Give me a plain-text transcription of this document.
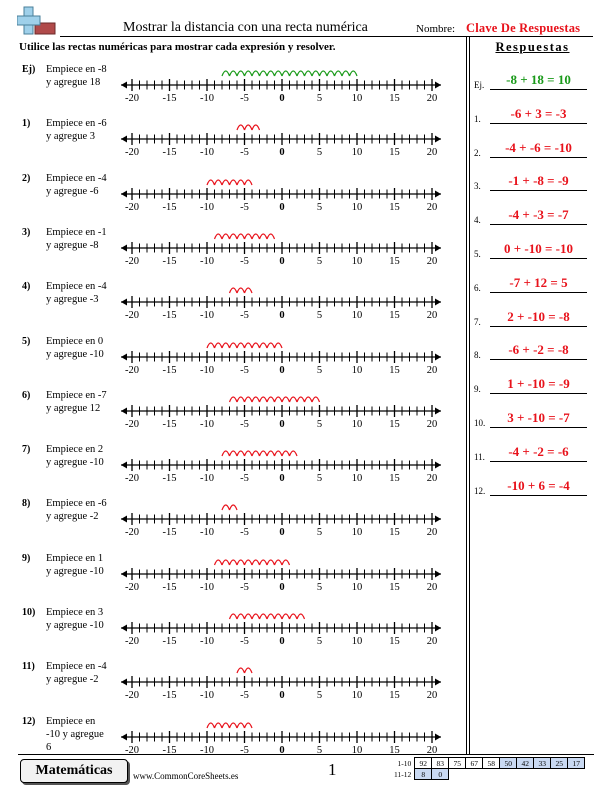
Mostrar la distancia con una recta numérica	Nombre: Clave De Respuestas
Utilice las rectas numéricas para mostrar cada expresión y resolver.	Respuestas
Ej) Empiece en -8
y agregue 18
-20 -15 -10 -5	0	5	10	15	20
1) Empiece en -6
y agregue 3
-20 -15 -10 -5	0	5	10	15	20
2) Empiece en -4
y agregue -6
-20 -15 -10 -5	0	5	10	15	20
3) Empiece en -1
y agregue -8
-20 -15 -10 -5	0	5	10	15	20
4) Empiece en -4
y agregue -3
-20 -15 -10 -5	0	5	10	15	20
5) Empiece en 0
y agregue -10
-20 -15 -10 -5	0	5	10	15	20
6) Empiece en -7
y agregue 12
-20 -15 -10 -5	0	5	10	15	20
7) Empiece en 2
y agregue -10
-20 -15 -10 -5	0	5	10	15	20
8) Empiece en -6
y agregue -2
-20 -15 -10 -5	0	5	10	15	20
9) Empiece en 1
y agregue -10
-20 -15 -10 -5	0	5	10	15	20
10) Empiece en 3
y agregue -10
-20 -15 -10 -5	0	5	10	15	20
11) Empiece en -4
y agregue -2
-20 -15 -10 -5	0	5	10	15	20
12) Empiece en
-10 y agregue
6	-20 -15 -10 -5	0	5	10	15	20
Ej.	-8 + 18 = 10
1.	-6 + 3 = -3
2.	-4 + -6 = -10
3.	-1 + -8 = -9
4.	-4 + -3 = -7
5.	0 + -10 = -10
6.	-7 + 12 = 5
7.	2 + -10 = -8
8.	-6 + -2 = -8
9.	1 + -10 = -9
10.	3 + -10 = -7
11.	-4 + -2 = -6
12.	-10 + 6 = -4
Matemáticas	www.CommonCoreSheets.es	1	1-10	92	83	75	67	58	50	42	33	25	17
11-12	8	0								
